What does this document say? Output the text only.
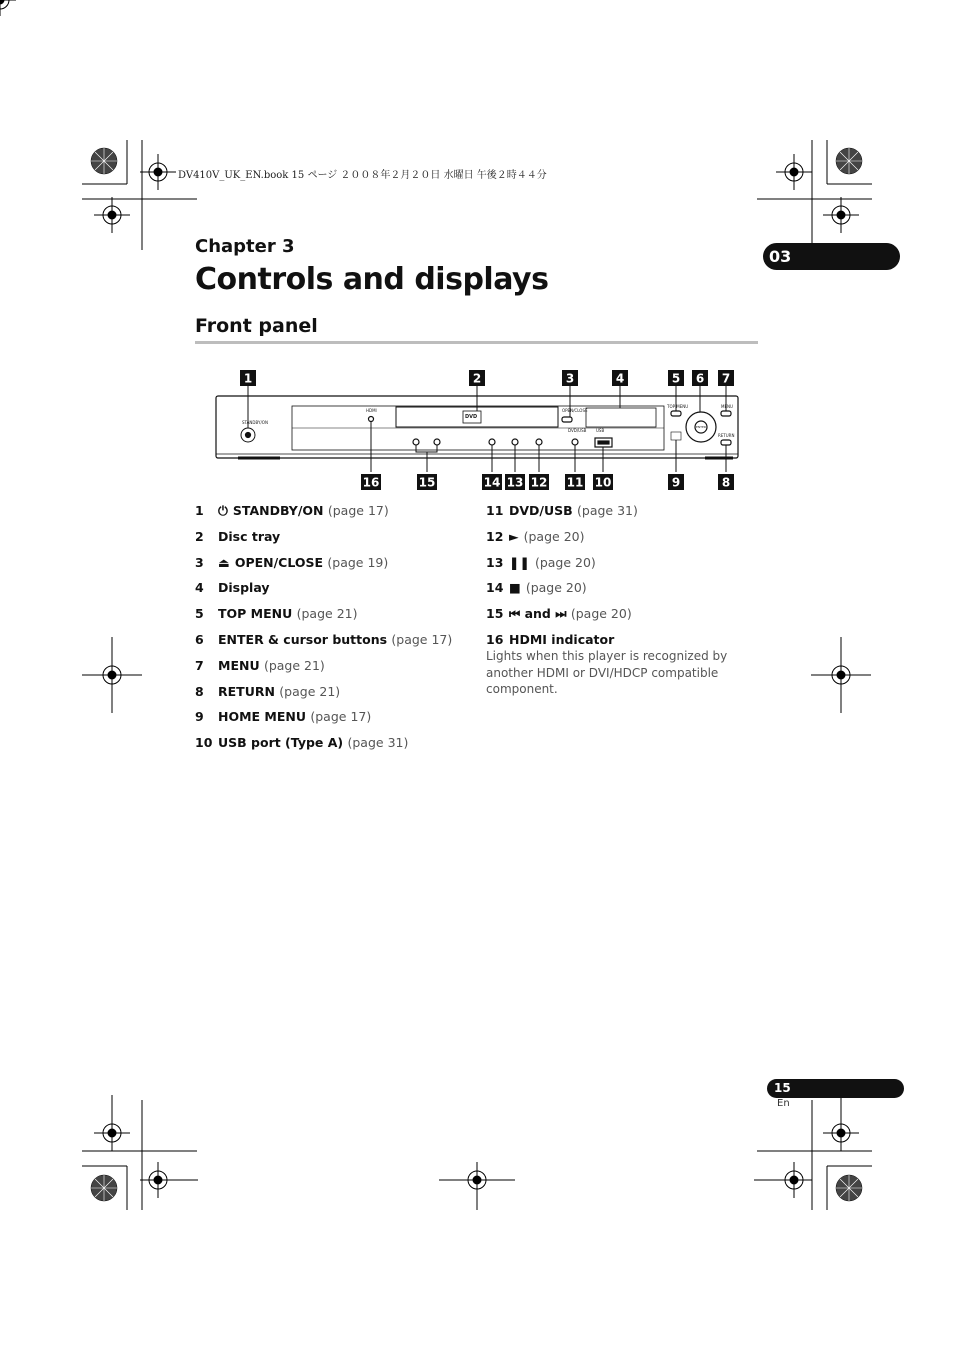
DV410V_UK_EN.book 15 ページ ２００８年２月２０日 水曜日 午後２時４４分
Chapter 3
Controls and displays
03
Front panel
STANDBY/ON
HDMI
DVD
OPEN/CLOSE
TOP MENU	MENU
ENTER
RETURN
DVD/USB USB
1	2	3	4	5 6 7
16	15	14 13 12 11 10	9	8
1 ⏻ STANDBY/ON (page 17)
2 Disc tray
3 ⏏ OPEN/CLOSE (page 19)
4 Display
5 TOP MENU (page 21)
6 ENTER & cursor buttons (page 17)
7 MENU (page 21)
8 RETURN (page 21)
9 HOME MENU (page 17)
10 USB port (Type A) (page 31)
11 DVD/USB (page 31)
12 ► (page 20)
13 ❚❚ (page 20)
14 ■ (page 20)
15 ⏮ and ⏭ (page 20)
16 HDMI indicator
Lights when this player is recognized by another HDMI or DVI/HDCP compatible component.
15
En
